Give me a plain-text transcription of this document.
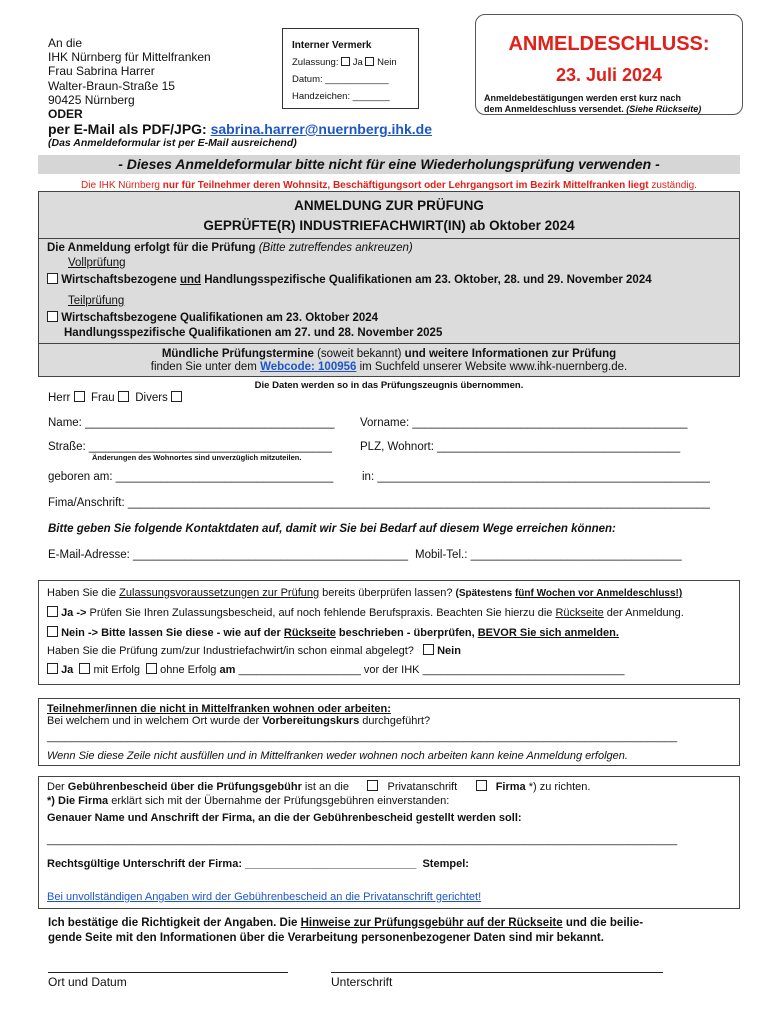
An die
IHK Nürnberg für Mittelfranken
Frau Sabrina Harrer
Walter-Braun-Straße 15
90425 Nürnberg
ODER
per E-Mail als PDF/JPG: sabrina.harrer@nuernberg.ihk.de
(Das Anmeldeformular ist per E-Mail ausreichend)
Interner Vermerk
Zulassung: Ja Nein
Datum: ____________
Handzeichen: _______
ANMELDESCHLUSS:
23. Juli 2024
Anmeldebestätigungen werden erst kurz nach
dem Anmeldeschluss versendet. (Siehe Rückseite)
- Dieses Anmeldeformular bitte nicht für eine Wiederholungsprüfung verwenden -
Die IHK Nürnberg nur für Teilnehmer deren Wohnsitz, Beschäftigungsort oder Lehrgangsort im Bezirk Mittelfranken liegt zuständig.
ANMELDUNG ZUR PRÜFUNG
GEPRÜFTE(R) INDUSTRIEFACHWIRT(IN) ab Oktober 2024
Die Anmeldung erfolgt für die Prüfung (Bitte zutreffendes ankreuzen)
Vollprüfung
Wirtschaftsbezogene und Handlungsspezifische Qualifikationen am 23. Oktober, 28. und 29. November 2024
Teilprüfung
Wirtschaftsbezogene Qualifikationen am 23. Oktober 2024
Handlungsspezifische Qualifikationen am 27. und 28. November 2025
Mündliche Prüfungstermine (soweit bekannt) und weitere Informationen zur Prüfung
finden Sie unter dem Webcode: 100956 im Suchfeld unserer Website www.ihk-nuernberg.de.
Die Daten werden so in das Prüfungszeugnis übernommen.
Herr Frau Divers
Name: _______________________________________ Vorname: ___________________________________________
Straße: ______________________________________
Änderungen des Wohnortes sind unverzüglich mitzuteilen.
PLZ, Wohnort: ______________________________________
geboren am: __________________________________	in: ____________________________________________________
Fima/Anschrift: ___________________________________________________________________________________________
Bitte geben Sie folgende Kontaktdaten auf, damit wir Sie bei Bedarf auf diesem Wege erreichen können:
E-Mail-Adresse: ___________________________________________ Mobil-Tel.: _________________________________
Haben Sie die Zulassungsvoraussetzungen zur Prüfung bereits überprüfen lassen? (Spätestens fünf Wochen vor Anmeldeschluss!)
Ja -> Prüfen Sie Ihren Zulassungsbescheid, auf noch fehlende Berufspraxis. Beachten Sie hierzu die Rückseite der Anmeldung.
Nein -> Bitte lassen Sie diese - wie auf der Rückseite beschrieben - überprüfen, BEVOR Sie sich anmelden.
Haben Sie die Prüfung zum/zur Industriefachwirt/in schon einmal abgelegt? Nein
Ja mit Erfolg ohne Erfolg am ____________________ vor der IHK _________________________________
Teilnehmer/innen die nicht in Mittelfranken wohnen oder arbeiten:
Bei welchem und in welchem Ort wurde der Vorbereitungskurs durchgeführt?
_______________________________________________________________________________________________________
Wenn Sie diese Zeile nicht ausfüllen und in Mittelfranken weder wohnen noch arbeiten kann keine Anmeldung erfolgen.
Der Gebührenbescheid über die Prüfungsgebühr ist an die	Privatanschrift	Firma *) zu richten.
*) Die Firma erklärt sich mit der Übernahme der Prüfungsgebühren einverstanden:
Genauer Name und Anschrift der Firma, an die der Gebührenbescheid gestellt werden soll:
_______________________________________________________________________________________________________
Rechtsgültige Unterschrift der Firma: ____________________________ Stempel:
Bei unvollständigen Angaben wird der Gebührenbescheid an die Privatanschrift gerichtet!
Ich bestätige die Richtigkeit der Angaben. Die Hinweise zur Prüfungsgebühr auf der Rückseite und die beilie-
gende Seite mit den Informationen über die Verarbeitung personenbezogener Daten sind mir bekannt.
Ort und Datum	Unterschrift
